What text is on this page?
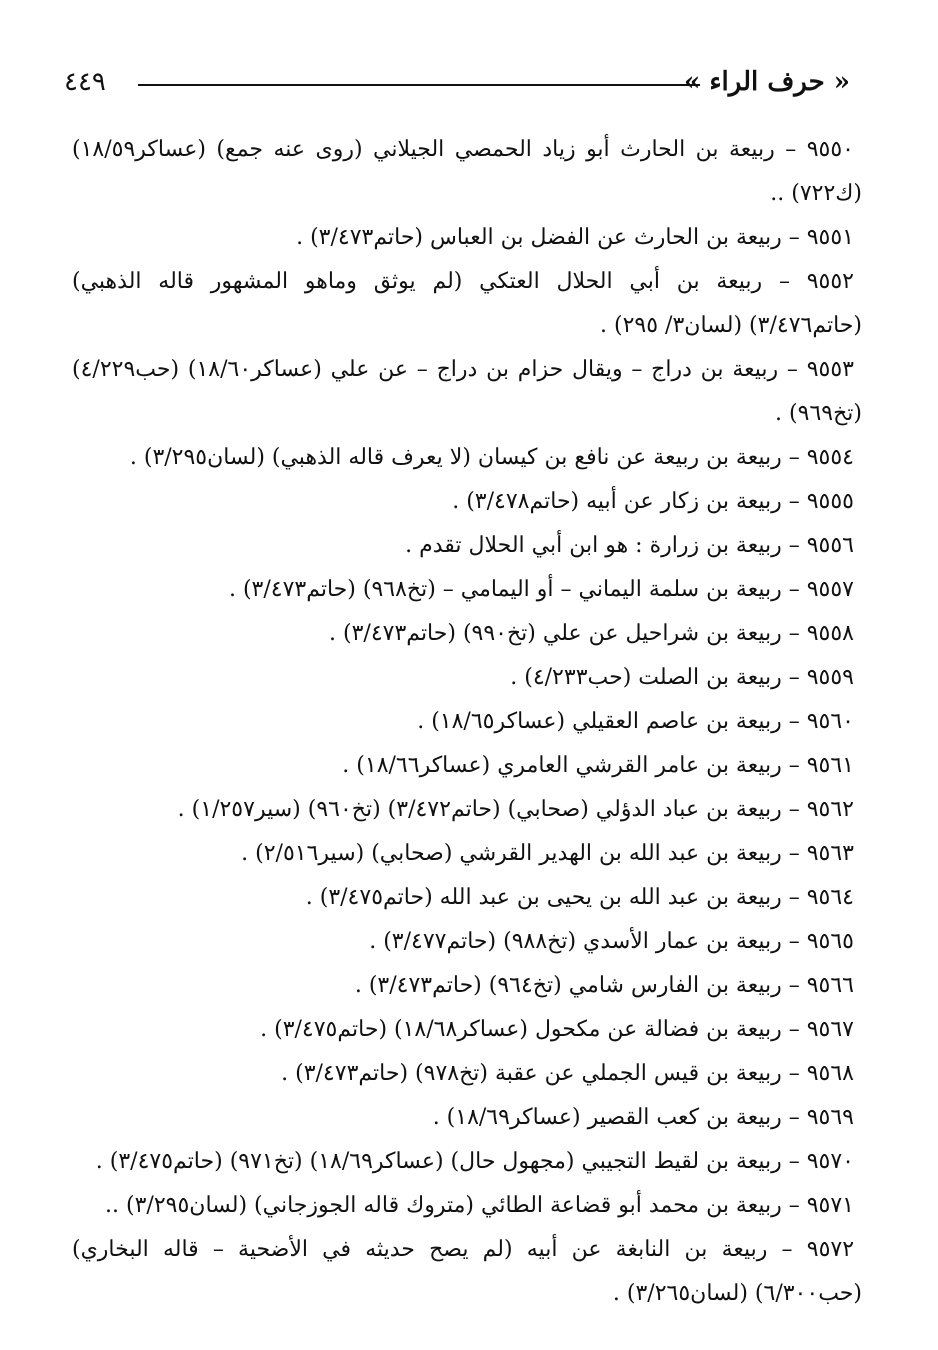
٤٤٩	« حرف الراء »
٩٥٥٠ – ربيعة بن الحارث أبو زياد الحمصي الجيلاني (روى عنه جمع) (عساكر١٨/٥٩) (ك٧٢٢) ..
٩٥٥١ – ربيعة بن الحارث عن الفضل بن العباس (حاتم٣/٤٧٣) .
٩٥٥٢ – ربيعة بن أبي الحلال العتكي (لم يوثق وماهو المشهور قاله الذهبي) (حاتم٣/٤٧٦) (لسان٣/ ٢٩٥) .
٩٥٥٣ – ربيعة بن دراج – ويقال حزام بن دراج – عن علي (عساكر١٨/٦٠) (حب٤/٢٢٩) (تخ٩٦٩) .
٩٥٥٤ – ربيعة بن ربيعة عن نافع بن كيسان (لا يعرف قاله الذهبي) (لسان٣/٢٩٥) .
٩٥٥٥ – ربيعة بن زكار عن أبيه (حاتم٣/٤٧٨) .
٩٥٥٦ – ربيعة بن زرارة : هو ابن أبي الحلال تقدم .
٩٥٥٧ – ربيعة بن سلمة اليماني – أو اليمامي – (تخ٩٦٨) (حاتم٣/٤٧٣) .
٩٥٥٨ – ربيعة بن شراحيل عن علي (تخ٩٩٠) (حاتم٣/٤٧٣) .
٩٥٥٩ – ربيعة بن الصلت (حب٤/٢٣٣) .
٩٥٦٠ – ربيعة بن عاصم العقيلي (عساكر١٨/٦٥) .
٩٥٦١ – ربيعة بن عامر القرشي العامري (عساكر١٨/٦٦) .
٩٥٦٢ – ربيعة بن عباد الدؤلي (صحابي) (حاتم٣/٤٧٢) (تخ٩٦٠) (سير١/٢٥٧) .
٩٥٦٣ – ربيعة بن عبد الله بن الهدير القرشي (صحابي) (سير٢/٥١٦) .
٩٥٦٤ – ربيعة بن عبد الله بن يحيى بن عبد الله (حاتم٣/٤٧٥) .
٩٥٦٥ – ربيعة بن عمار الأسدي (تخ٩٨٨) (حاتم٣/٤٧٧) .
٩٥٦٦ – ربيعة بن الفارس شامي (تخ٩٦٤) (حاتم٣/٤٧٣) .
٩٥٦٧ – ربيعة بن فضالة عن مكحول (عساكر١٨/٦٨) (حاتم٣/٤٧٥) .
٩٥٦٨ – ربيعة بن قيس الجملي عن عقبة (تخ٩٧٨) (حاتم٣/٤٧٣) .
٩٥٦٩ – ربيعة بن كعب القصير (عساكر١٨/٦٩) .
٩٥٧٠ – ربيعة بن لقيط التجيبي (مجهول حال) (عساكر١٨/٦٩) (تخ٩٧١) (حاتم٣/٤٧٥) .
٩٥٧١ – ربيعة بن محمد أبو قضاعة الطائي (متروك قاله الجوزجاني) (لسان٣/٢٩٥) ..
٩٥٧٢ – ربيعة بن النابغة عن أبيه (لم يصح حديثه في الأضحية – قاله البخاري) (حب٦/٣٠٠) (لسان٣/٢٦٥) .
